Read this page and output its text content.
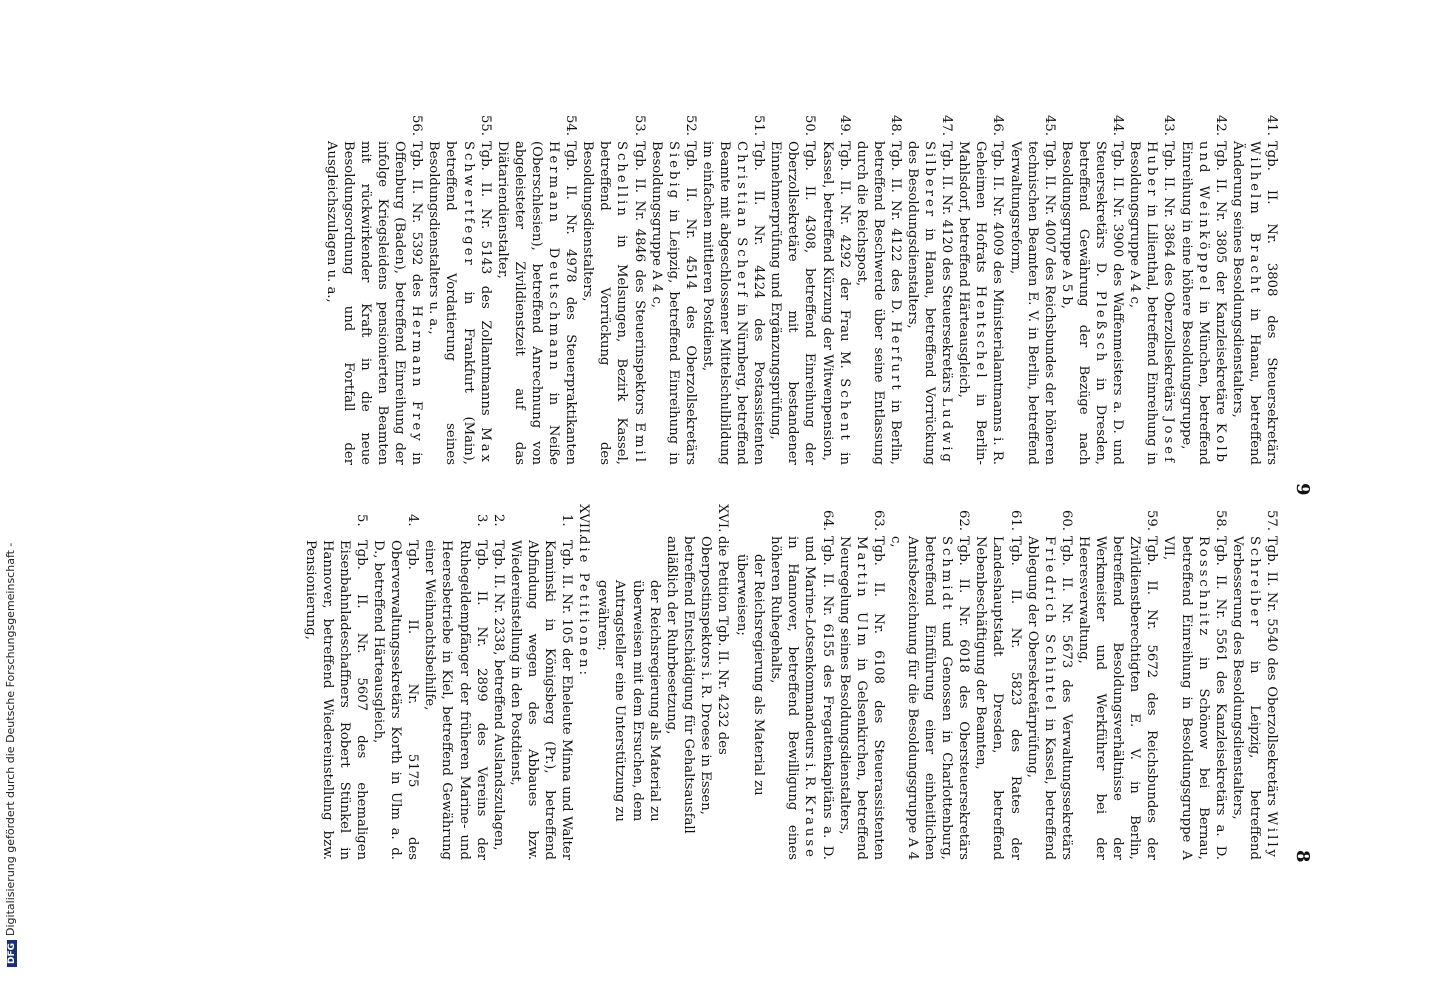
DFGDigitalisierung gefördert durch die Deutsche Forschungsgemeinschaft -
9
8
41.
Tgb. II. Nr. 3808 des Steuersekretärs Wilhelm Bracht in Hanau, betreffend Änderung seines Besoldungsdienstalters,
42.
Tgb. II. Nr. 3805 der Kanzleisekretäre Kolb und Weinköppel in München, betreffend Einreihung in eine höhere Besoldungsgruppe,
43.
Tgb. II. Nr. 3864 des Oberzollsekretärs Josef Huber in Lilienthal, betreffend Einreihung in Besoldungsgruppe A 4 c,
44.
Tgb. II. Nr. 3900 des Waffenmeisters a. D. und Steuersekretärs D. Pleßsch in Dresden, betreffend Gewährung der Bezüge nach Besoldungsgruppe A 5 b,
45.
Tgb. II. Nr. 4007 des Reichsbundes der höheren technischen Beamten E. V. in Berlin, betreffend Verwaltungsreform,
46.
Tgb. II. Nr. 4009 des Ministerialamtmanns i. R. Geheimen Hofrats Hentschel in Berlin-Mahlsdorf, betreffend Härteausgleich,
47.
Tgb. II. Nr. 4120 des Steuersekretärs Ludwig Silberer in Hanau, betreffend Vorrückung des Besoldungsdienstalters,
48.
Tgb. II. Nr. 4122 des D. Herfurt in Berlin, betreffend Beschwerde über seine Entlassung durch die Reichspost,
49.
Tgb. II. Nr. 4292 der Frau M. Schent in Kassel, betreffend Kürzung der Witwenpension,
50.
Tgb. II. 4308, betreffend Einreihung der Oberzollsekretäre mit bestandener Einnehmerprüfung und Ergänzungsprüfung,
51.
Tgb. II. Nr. 4424 des Postassistenten Christian Scherf in Nürnberg, betreffend Beamte mit abgeschlossener Mittelschulbildung im einfachen mittleren Postdienst,
52.
Tgb. II. Nr. 4514 des Oberzollsekretärs Siebig in Leipzig, betreffend Einreihung in Besoldungsgruppe A 4 c,
53.
Tgb. II. Nr. 4846 des Steuerinspektors Emil Schellin in Melsungen, Bezirk Kassel, betreffend Vorrückung des Besoldungsdienstalters,
54.
Tgb. II. Nr. 4978 des Steuerpraktikanten Hermann Deutschmann in Neiße (Oberschlesien), betreffend Anrechnung von abgeleisteter Zivildienstzeit auf das Diätariendienstalter,
55.
Tgb. II. Nr. 5143 des Zollamtmanns Max Schwertfeger in Frankfurt (Main), betreffend Vordatierung seines Besoldungsdienstalters u. a.,
56.
Tgb. II. Nr. 5392 des Hermann Frey in Offenburg (Baden), betreffend Einreihung der infolge Kriegsleidens pensionierten Beamten mit rückwirkender Kraft in die neue Besoldungsordnung und Fortfall der Ausgleichszulagen u. a.,
57.
Tgb. II. Nr. 5540 des Oberzollsekretärs Willy Schreiber in Leipzig, betreffend Verbesserung des Besoldungsdienstalters,
58.
Tgb. II. Nr. 5561 des Kanzleisekretärs a. D. Rosschnitz in Schönow bei Bernau, betreffend Einreihung in Besoldungsgruppe A VII,
59.
Tgb. II. Nr. 5672 des Reichsbundes der Zivildienstberechtigten E. V. in Berlin, betreffend Besoldungsverhältnisse der Werkmeister und Werkführer bei der Heeresverwaltung,
60.
Tgb. II. Nr. 5673 des Verwaltungssekretärs Friedrich Schintel in Kassel, betreffend Ablegung der Obersekretärprüfung,
61.
Tgb. II. Nr. 5823 des Rates der Landeshauptstadt Dresden, betreffend Nebenbeschäftigung der Beamten,
62.
Tgb. II. Nr. 6018 des Obersteuersekretärs Schmidt und Genossen in Charlottenburg, betreffend Einführung einer einheitlichen Amtsbezeichnung für die Besoldungsgruppe A 4 c,
63.
Tgb. II. Nr. 6108 des Steuerassistenten Martin Ulm in Gelsenkirchen, betreffend Neuregelung seines Besoldungsdienstalters,
64.
Tgb. II. Nr. 6155 des Fregattenkapitäns a. D. und Marine-Lotsenkommandeurs i. R. Krause in Hannover, betreffend Bewilligung eines höheren Ruhegehalts,
der Reichsregierung als Material zu überweisen;
XVI.
die Petition Tgb. II. Nr. 4232 des Oberpostinspektors i. R. Droese in Essen, betreffend Entschädigung für Gehaltsausfall anläßlich der Ruhrbesetzung,
der Reichsregierung als Material zu überweisen mit dem Ersuchen, dem Antragsteller eine Unterstützung zu gewähren;
XVII.
die Petitionen:
1.
Tgb. II. Nr. 105 der Eheleute Minna und Walter Kaminski in Königsberg (Pr.), betreffend Abfindung wegen des Abbaues bzw. Wiedereinstellung in den Postdienst,
2.
Tgb. II. Nr. 2338, betreffend Auslandszulagen,
3.
Tgb. II. Nr. 2899 des Vereins der Ruhegeldempfänger der früheren Marine- und Heeresbetriebe in Kiel, betreffend Gewährung einer Weihnachtsbeihilfe,
4.
Tgb. II. Nr. 5175 des Oberverwaltungssekretärs Korth in Ulm a. d. D., betreffend Härteausgleich,
5.
Tgb. II. Nr. 5607 des ehemaligen Eisenbahnladeschaffners Robert Stünkel in Hannover, betreffend Wiedereinstellung bzw. Pensionierung,
